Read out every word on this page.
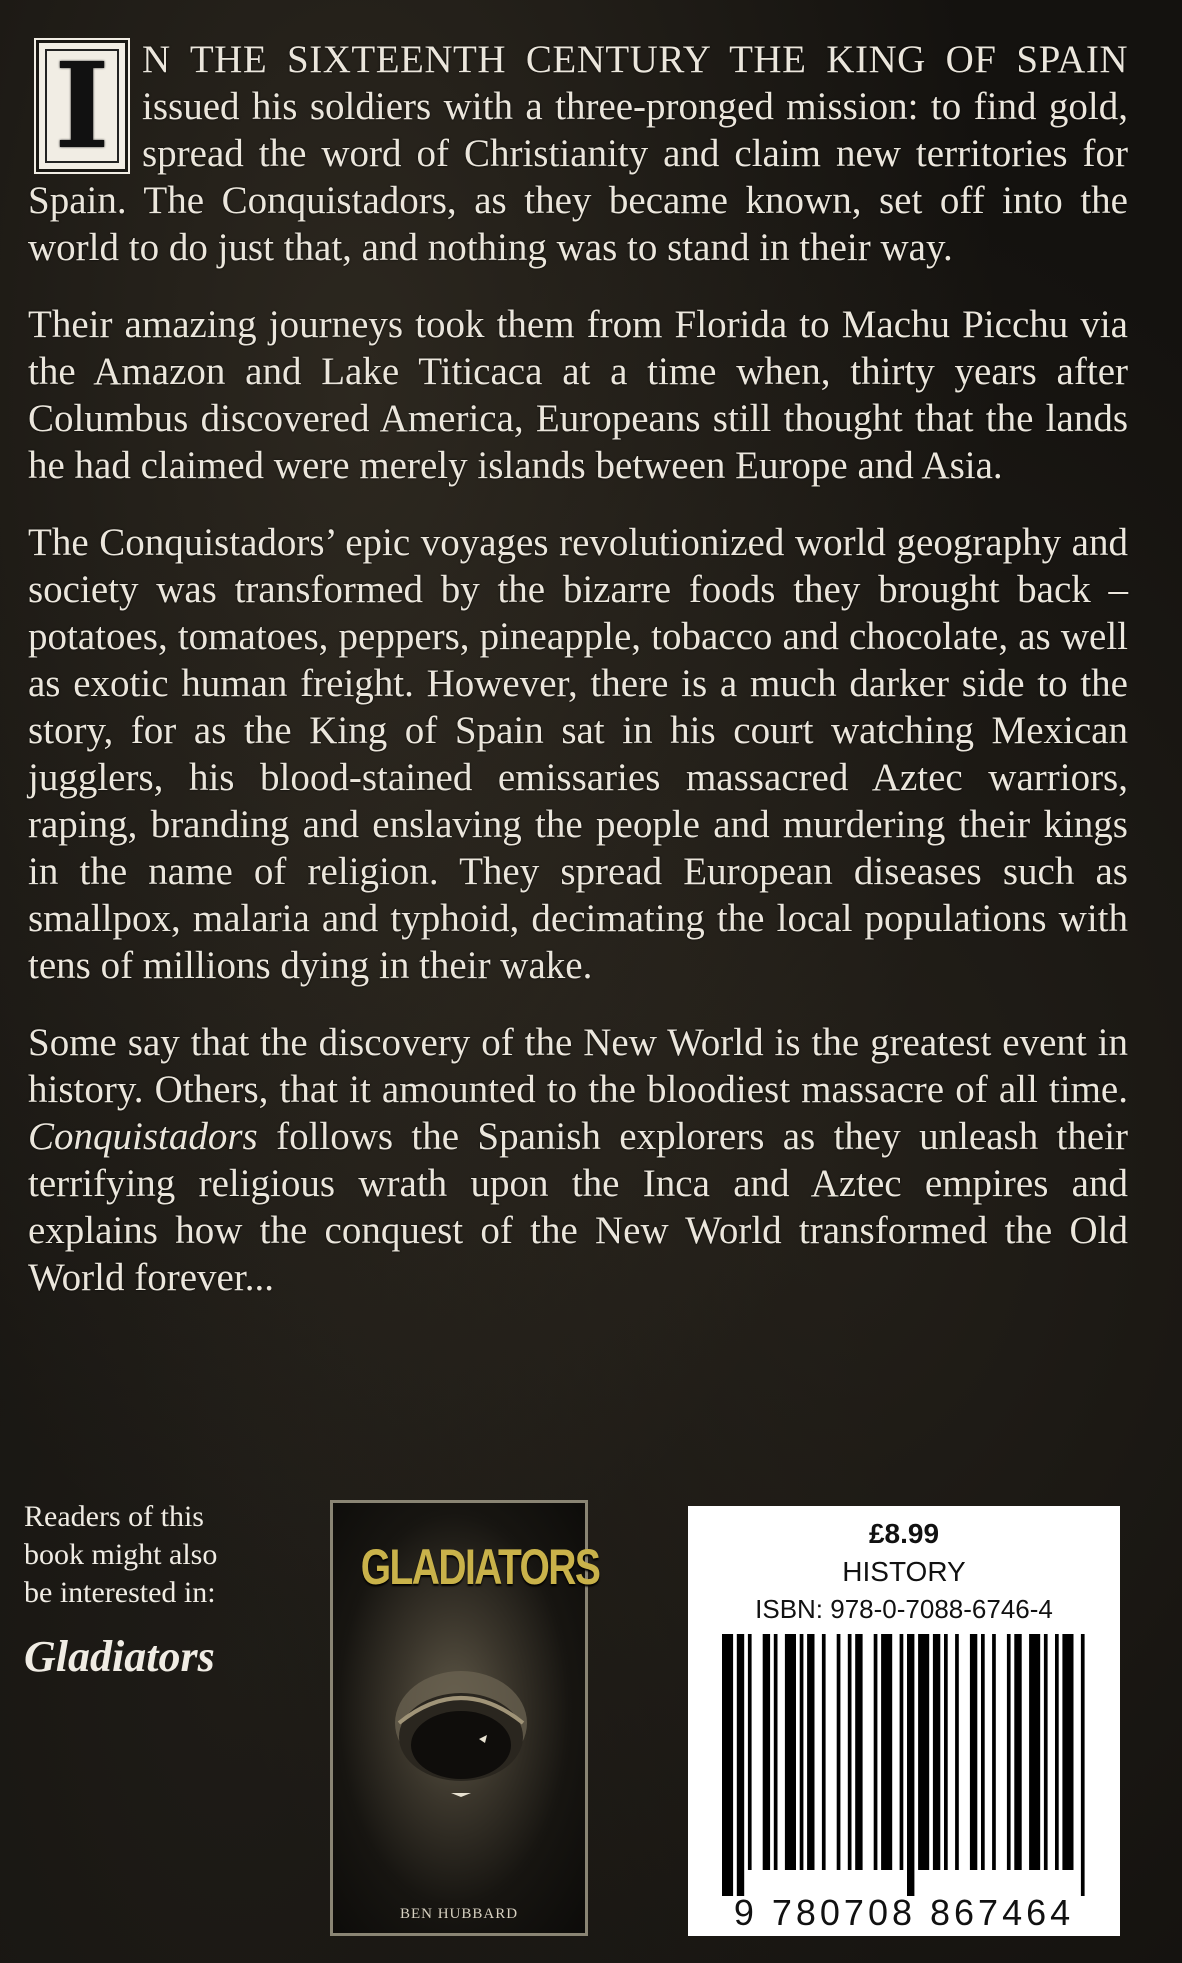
I N THE SIXTEENTH CENTURY THE KING OF SPAIN issued his soldiers with a three-pronged mission: to find gold, spread the word of Christianity and claim new territories for Spain. The Conquistadors, as they became known, set off into the world to do just that, and nothing was to stand in their way.

Their amazing journeys took them from Florida to Machu Picchu via the Amazon and Lake Titicaca at a time when, thirty years after Columbus discovered America, Europeans still thought that the lands he had claimed were merely islands between Europe and Asia.

The Conquistadors’ epic voyages revolutionized world geography and society was transformed by the bizarre foods they brought back – potatoes, tomatoes, peppers, pineapple, tobacco and chocolate, as well as exotic human freight. However, there is a much darker side to the story, for as the King of Spain sat in his court watching Mexican jugglers, his blood-stained emissaries massacred Aztec warriors, raping, branding and enslaving the people and murdering their kings in the name of religion. They spread European diseases such as smallpox, malaria and typhoid, decimating the local populations with tens of millions dying in their wake.

Some say that the discovery of the New World is the greatest event in history. Others, that it amounted to the bloodiest massacre of all time. Conquistadors follows the Spanish explorers as they unleash their terrifying religious wrath upon the Inca and Aztec empires and explains how the conquest of the New World transformed the Old World forever...

Readers of this
book might also
be interested in:
Gladiators
GLADIATORS
BEN HUBBARD
£8.99
HISTORY
ISBN: 978-0-7088-6746-4
9 780708 867464
